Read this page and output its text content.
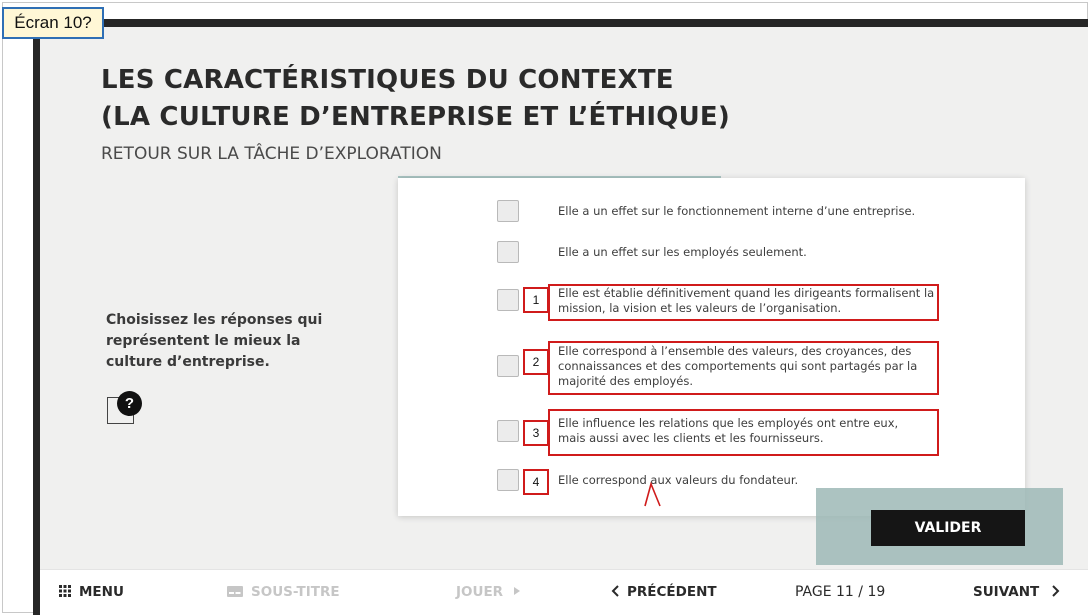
Écran 10?
LES CARACTÉRISTIQUES DU CONTEXTE
(LA CULTURE D’ENTREPRISE ET L’ÉTHIQUE)
RETOUR SUR LA TÂCHE D’EXPLORATION
Choisissez les réponses qui représentent le mieux la culture d’entreprise.
?
Elle a un effet sur le fonctionnement interne d’une entreprise.
Elle a un effet sur les employés seulement.
1	Elle est établie définitivement quand les dirigeants formalisent la mission, la vision et les valeurs de l’organisation.
2
Elle correspond à l’ensemble des valeurs, des croyances, des connaissances et des comportements qui sont partagés par la majorité des employés.
3
Elle influence les relations que les employés ont entre eux, mais aussi avec les clients et les fournisseurs.
4	Elle correspond aux valeurs du fondateur.
VALIDER
MENU	SOUS-TITRE	JOUER	PRÉCÉDENT	PAGE 11 / 19	SUIVANT
